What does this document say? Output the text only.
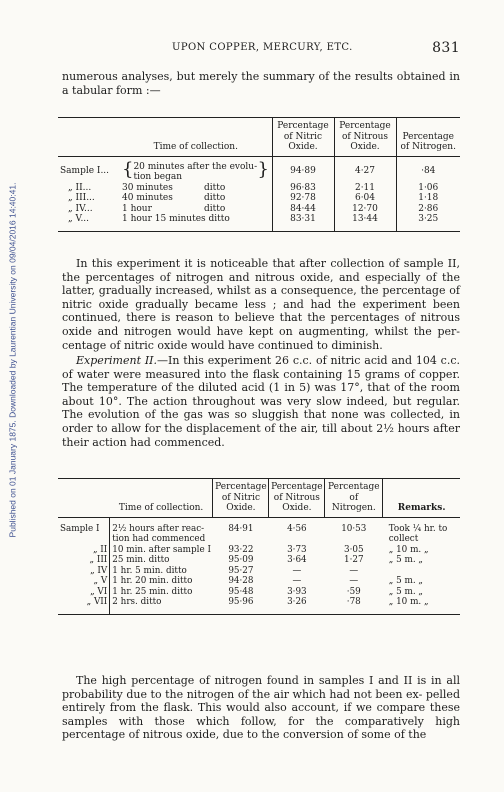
Published on 01 January 1875. Downloaded by Laurentian University on 09/04/2016 14:40:41.
UPON COPPER, MERCURY, ETC.	831

numerous analyses, but merely the summary of the results obtained in a tabular form :—

	Time of collection.	Percentage of Nitric Oxide.	Percentage of Nitrous Oxide.	Percentage of Nitrogen.
Sample I...	{20 minutes after the evolu- tion began }	94·89	4·27	·84
„ II...	30 minutes ditto	96·83	2·11	1·06
„ III...	40 minutes ditto	92·78	6·04	1·18
„ IV...	1 hour ditto	84·44	12·70	2·86
„ V...	1 hour 15 minutes ditto	83·31	13·44	3·25

In this experiment it is noticeable that after collection of sample II, the percentages of nitrogen and nitrous oxide, and especially of the latter, gradually increased, whilst as a consequence, the percentage of nitric oxide gradually became less ; and had the experiment been continued, there is reason to believe that the percentages of nitrous oxide and nitrogen would have kept on augmenting, whilst the per- centage of nitric oxide would have continued to diminish.

Experiment II.—In this experiment 26 c.c. of nitric acid and 104 c.c. of water were measured into the flask containing 15 grams of copper. The temperature of the diluted acid (1 in 5) was 17°, that of the room about 10°. The action throughout was very slow indeed, but regular. The evolution of the gas was so sluggish that none was collected, in order to allow for the displacement of the air, till about 2½ hours after their action had commenced.

	Time of collection.	Percentage of Nitric Oxide.	Percentage of Nitrous Oxide.	Percentage of Nitrogen.	Remarks.
Sample I	2½ hours after reac- tion had commenced	84·91	4·56	10·53	Took ¼ hr. to collect
„ II	10 min. after sample I	93·22	3·73	3·05	„ 10 m. „
„ III	25 min. ditto	95·09	3·64	1·27	„ 5 m. „
„ IV	1 hr. 5 min. ditto	95·27	—	—	
„ V	1 hr. 20 min. ditto	94·28	—	—	„ 5 m. „
„ VI	1 hr. 25 min. ditto	95·48	3·93	·59	„ 5 m. „
„ VII	2 hrs. ditto	95·96	3·26	·78	„ 10 m. „

The high percentage of nitrogen found in samples I and II is in all probability due to the nitrogen of the air which had not been ex- pelled entirely from the flask. This would also account, if we compare these samples with those which follow, for the comparatively high percentage of nitrous oxide, due to the conversion of some of the
